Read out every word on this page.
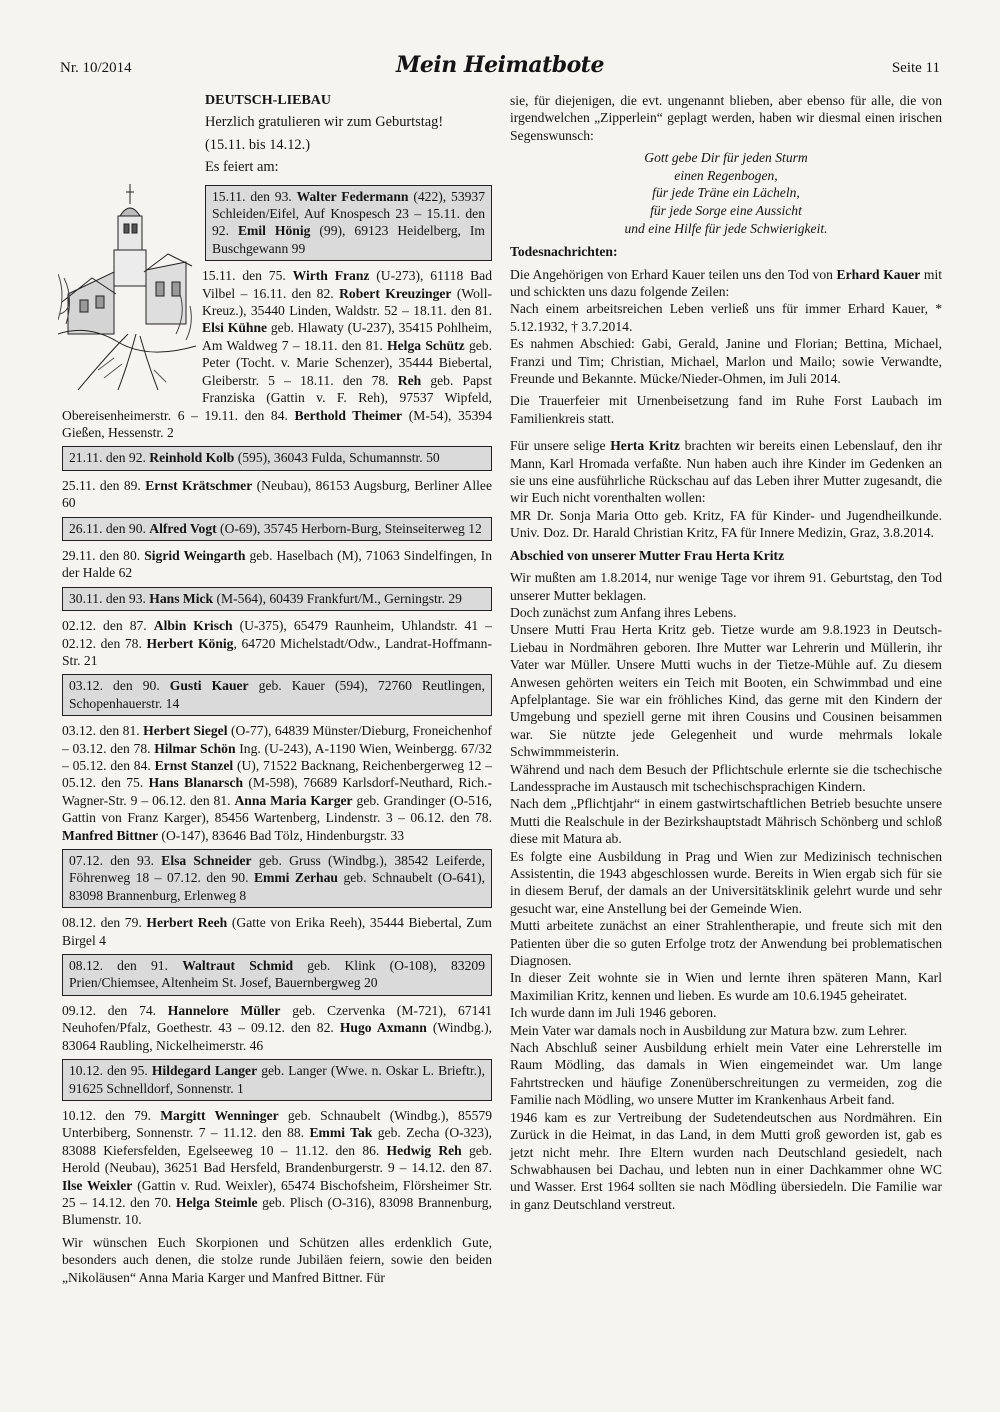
Nr. 10/2014	Mein Heimatbote	Seite 11

DEUTSCH-LIEBAU

Herzlich gratulieren wir zum Geburtstag!

(15.11. bis 14.12.)

Es feiert am:

15.11. den 93. Walter Federmann (422), 53937 Schleiden/Eifel, Auf Knospesch 23 – 15.11. den 92. Emil Hönig (99), 69123 Heidelberg, Im Buschgewann 99

15.11. den 75. Wirth Franz (U-273), 61118 Bad Vilbel – 16.11. den 82. Robert Kreuzinger (Woll-Kreuz.), 35440 Linden, Waldstr. 52 – 18.11. den 81. Elsi Kühne geb. Hlawaty (U-237), 35415 Pohlheim, Am Waldweg 7 – 18.11. den 81. Helga Schütz geb. Peter (Tocht. v. Marie Schenzer), 35444 Biebertal, Gleiberstr. 5 – 18.11. den 78. Reh geb. Papst Franziska (Gattin v. F. Reh), 97537 Wipfeld, Obereisenheimerstr. 6 – 19.11. den 84. Berthold Theimer (M-54), 35394 Gießen, Hessenstr. 2

21.11. den 92. Reinhold Kolb (595), 36043 Fulda, Schumannstr. 50

25.11. den 89. Ernst Krätschmer (Neubau), 86153 Augsburg, Berliner Allee 60

26.11. den 90. Alfred Vogt (O-69), 35745 Herborn-Burg, Steinseiterweg 12

29.11. den 80. Sigrid Weingarth geb. Haselbach (M), 71063 Sindelfingen, In der Halde 62

30.11. den 93. Hans Mick (M-564), 60439 Frankfurt/M., Gerningstr. 29

02.12. den 87. Albin Krisch (U-375), 65479 Raunheim, Uhlandstr. 41 – 02.12. den 78. Herbert König, 64720 Michelstadt/Odw., Landrat-Hoffmann-Str. 21

03.12. den 90. Gusti Kauer geb. Kauer (594), 72760 Reutlingen, Schopenhauerstr. 14

03.12. den 81. Herbert Siegel (O-77), 64839 Münster/Dieburg, Froneichenhof – 03.12. den 78. Hilmar Schön Ing. (U-243), A-1190 Wien, Weinbergg. 67/32 – 05.12. den 84. Ernst Stanzel (U), 71522 Backnang, Reichenbergerweg 12 – 05.12. den 75. Hans Blanarsch (M-598), 76689 Karlsdorf-Neuthard, Rich.-Wagner-Str. 9 – 06.12. den 81. Anna Maria Karger geb. Grandinger (O-516, Gattin von Franz Karger), 85456 Wartenberg, Lindenstr. 3 – 06.12. den 78. Manfred Bittner (O-147), 83646 Bad Tölz, Hindenburgstr. 33

07.12. den 93. Elsa Schneider geb. Gruss (Windbg.), 38542 Leiferde, Föhrenweg 18 – 07.12. den 90. Emmi Zerhau geb. Schnaubelt (O-641), 83098 Brannenburg, Erlenweg 8

08.12. den 79. Herbert Reeh (Gatte von Erika Reeh), 35444 Biebertal, Zum Birgel 4

08.12. den 91. Waltraut Schmid geb. Klink (O-108), 83209 Prien/Chiemsee, Altenheim St. Josef, Bauernbergweg 20

09.12. den 74. Hannelore Müller geb. Czervenka (M-721), 67141 Neuhofen/Pfalz, Goethestr. 43 – 09.12. den 82. Hugo Axmann (Windbg.), 83064 Raubling, Nickelheimerstr. 46

10.12. den 95. Hildegard Langer geb. Langer (Wwe. n. Oskar L. Brieftr.), 91625 Schnelldorf, Sonnenstr. 1

10.12. den 79. Margitt Wenninger geb. Schnaubelt (Windbg.), 85579 Unterbiberg, Sonnenstr. 7 – 11.12. den 88. Emmi Tak geb. Zecha (O-323), 83088 Kiefersfelden, Egelseeweg 10 – 11.12. den 86. Hedwig Reh geb. Herold (Neubau), 36251 Bad Hersfeld, Brandenburgerstr. 9 – 14.12. den 87. Ilse Weixler (Gattin v. Rud. Weixler), 65474 Bischofsheim, Flörsheimer Str. 25 – 14.12. den 70. Helga Steimle geb. Plisch (O-316), 83098 Brannenburg, Blumenstr. 10.

Wir wünschen Euch Skorpionen und Schützen alles erdenklich Gute, besonders auch denen, die stolze runde Jubiläen feiern, sowie den beiden „Nikoläusen“ Anna Maria Karger und Manfred Bittner. Für

sie, für diejenigen, die evt. ungenannt blieben, aber ebenso für alle, die von irgendwelchen „Zipperlein“ geplagt werden, haben wir diesmal einen irischen Segenswunsch:

Gott gebe Dir für jeden Sturm
einen Regenbogen,
für jede Träne ein Lächeln,
für jede Sorge eine Aussicht
und eine Hilfe für jede Schwierigkeit.

Todesnachrichten:

Die Angehörigen von Erhard Kauer teilen uns den Tod von Erhard Kauer mit und schickten uns dazu folgende Zeilen:
Nach einem arbeitsreichen Leben verließ uns für immer Erhard Kauer, * 5.12.1932, † 3.7.2014.
Es nahmen Abschied: Gabi, Gerald, Janine und Florian; Bettina, Michael, Franzi und Tim; Christian, Michael, Marlon und Mailo; sowie Verwandte, Freunde und Bekannte. Mücke/Nieder-Ohmen, im Juli 2014.

Die Trauerfeier mit Urnenbeisetzung fand im Ruhe Forst Laubach im Familienkreis statt.

Für unsere selige Herta Kritz brachten wir bereits einen Lebenslauf, den ihr Mann, Karl Hromada verfaßte. Nun haben auch ihre Kinder im Gedenken an sie uns eine ausführliche Rückschau auf das Leben ihrer Mutter zugesandt, die wir Euch nicht vorenthalten wollen:
MR Dr. Sonja Maria Otto geb. Kritz, FA für Kinder- und Jugendheilkunde. Univ. Doz. Dr. Harald Christian Kritz, FA für Innere Medizin, Graz, 3.8.2014.

Abschied von unserer Mutter Frau Herta Kritz

Wir mußten am 1.8.2014, nur wenige Tage vor ihrem 91. Geburtstag, den Tod unserer Mutter beklagen.
Doch zunächst zum Anfang ihres Lebens.
Unsere Mutti Frau Herta Kritz geb. Tietze wurde am 9.8.1923 in Deutsch-Liebau in Nordmähren geboren. Ihre Mutter war Lehrerin und Müllerin, ihr Vater war Müller. Unsere Mutti wuchs in der Tietze-Mühle auf. Zu diesem Anwesen gehörten weiters ein Teich mit Booten, ein Schwimmbad und eine Apfelplantage. Sie war ein fröhliches Kind, das gerne mit den Kindern der Umgebung und speziell gerne mit ihren Cousins und Cousinen beisammen war. Sie nützte jede Gelegenheit und wurde mehrmals lokale Schwimmmeisterin.
Während und nach dem Besuch der Pflichtschule erlernte sie die tschechische Landessprache im Austausch mit tschechischsprachigen Kindern.
Nach dem „Pflichtjahr“ in einem gastwirtschaftlichen Betrieb besuchte unsere Mutti die Realschule in der Bezirkshauptstadt Mährisch Schönberg und schloß diese mit Matura ab.
Es folgte eine Ausbildung in Prag und Wien zur Medizinisch technischen Assistentin, die 1943 abgeschlossen wurde. Bereits in Wien ergab sich für sie in diesem Beruf, der damals an der Universitätsklinik gelehrt wurde und sehr gesucht war, eine Anstellung bei der Gemeinde Wien.
Mutti arbeitete zunächst an einer Strahlentherapie, und freute sich mit den Patienten über die so guten Erfolge trotz der Anwendung bei problematischen Diagnosen.
In dieser Zeit wohnte sie in Wien und lernte ihren späteren Mann, Karl Maximilian Kritz, kennen und lieben. Es wurde am 10.6.1945 geheiratet.
Ich wurde dann im Juli 1946 geboren.
Mein Vater war damals noch in Ausbildung zur Matura bzw. zum Lehrer.
Nach Abschluß seiner Ausbildung erhielt mein Vater eine Lehrerstelle im Raum Mödling, das damals in Wien eingemeindet war. Um lange Fahrtstrecken und häufige Zonenüberschreitungen zu vermeiden, zog die Familie nach Mödling, wo unsere Mutter im Krankenhaus Arbeit fand.
1946 kam es zur Vertreibung der Sudetendeutschen aus Nordmähren. Ein Zurück in die Heimat, in das Land, in dem Mutti groß geworden ist, gab es jetzt nicht mehr. Ihre Eltern wurden nach Deutschland gesiedelt, nach Schwabhausen bei Dachau, und lebten nun in einer Dachkammer ohne WC und Wasser. Erst 1964 sollten sie nach Mödling übersiedeln. Die Familie war in ganz Deutschland verstreut.
